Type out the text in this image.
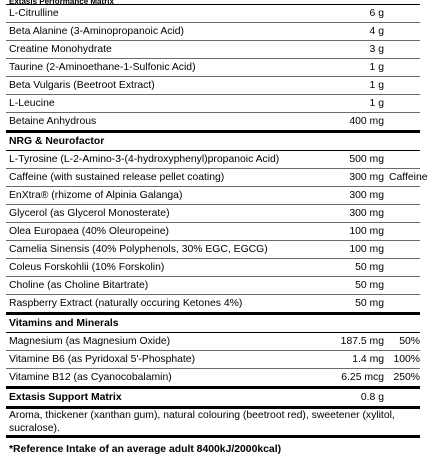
Extasis Performance Matrix		
L-Citrulline	6 g	
Beta Alanine (3-Aminopropanoic Acid)	4 g	
Creatine Monohydrate	3 g	
Taurine (2-Aminoethane-1-Sulfonic Acid)	1 g	
Beta Vulgaris (Beetroot Extract)	1 g	
L-Leucine	1 g	
Betaine Anhydrous	400 mg	
NRG & Neurofactor		
L-Tyrosine (L-2-Amino-3-(4-hydroxyphenyl)propanoic Acid)	500 mg	
Caffeine (with sustained release pellet coating)	300 mg	Caffeine
EnXtra® (rhizome of Alpinia Galanga)	300 mg	
Glycerol (as Glycerol Monosterate)	300 mg	
Olea Europaea (40% Oleuropeine)	100 mg	
Camelia Sinensis (40% Polyphenols, 30% EGC, EGCG)	100 mg	
Coleus Forskohlii (10% Forskolin)	50 mg	
Choline (as Choline Bitartrate)	50 mg	
Raspberry Extract (naturally occuring Ketones 4%)	50 mg	
Vitamins and Minerals		
Magnesium (as Magnesium Oxide)	187.5 mg	50%
Vitamine B6 (as Pyridoxal 5'-Phosphate)	1.4 mg	100%
Vitamine B12 (as Cyanocobalamin)	6.25 mcg	250%
Extasis Support Matrix	0.8 g	
Aroma, thickener (xanthan gum), natural colouring (beetroot red), sweetener (xylitol, sucralose).		
*Reference Intake of an average adult 8400kJ/2000kcal)		
